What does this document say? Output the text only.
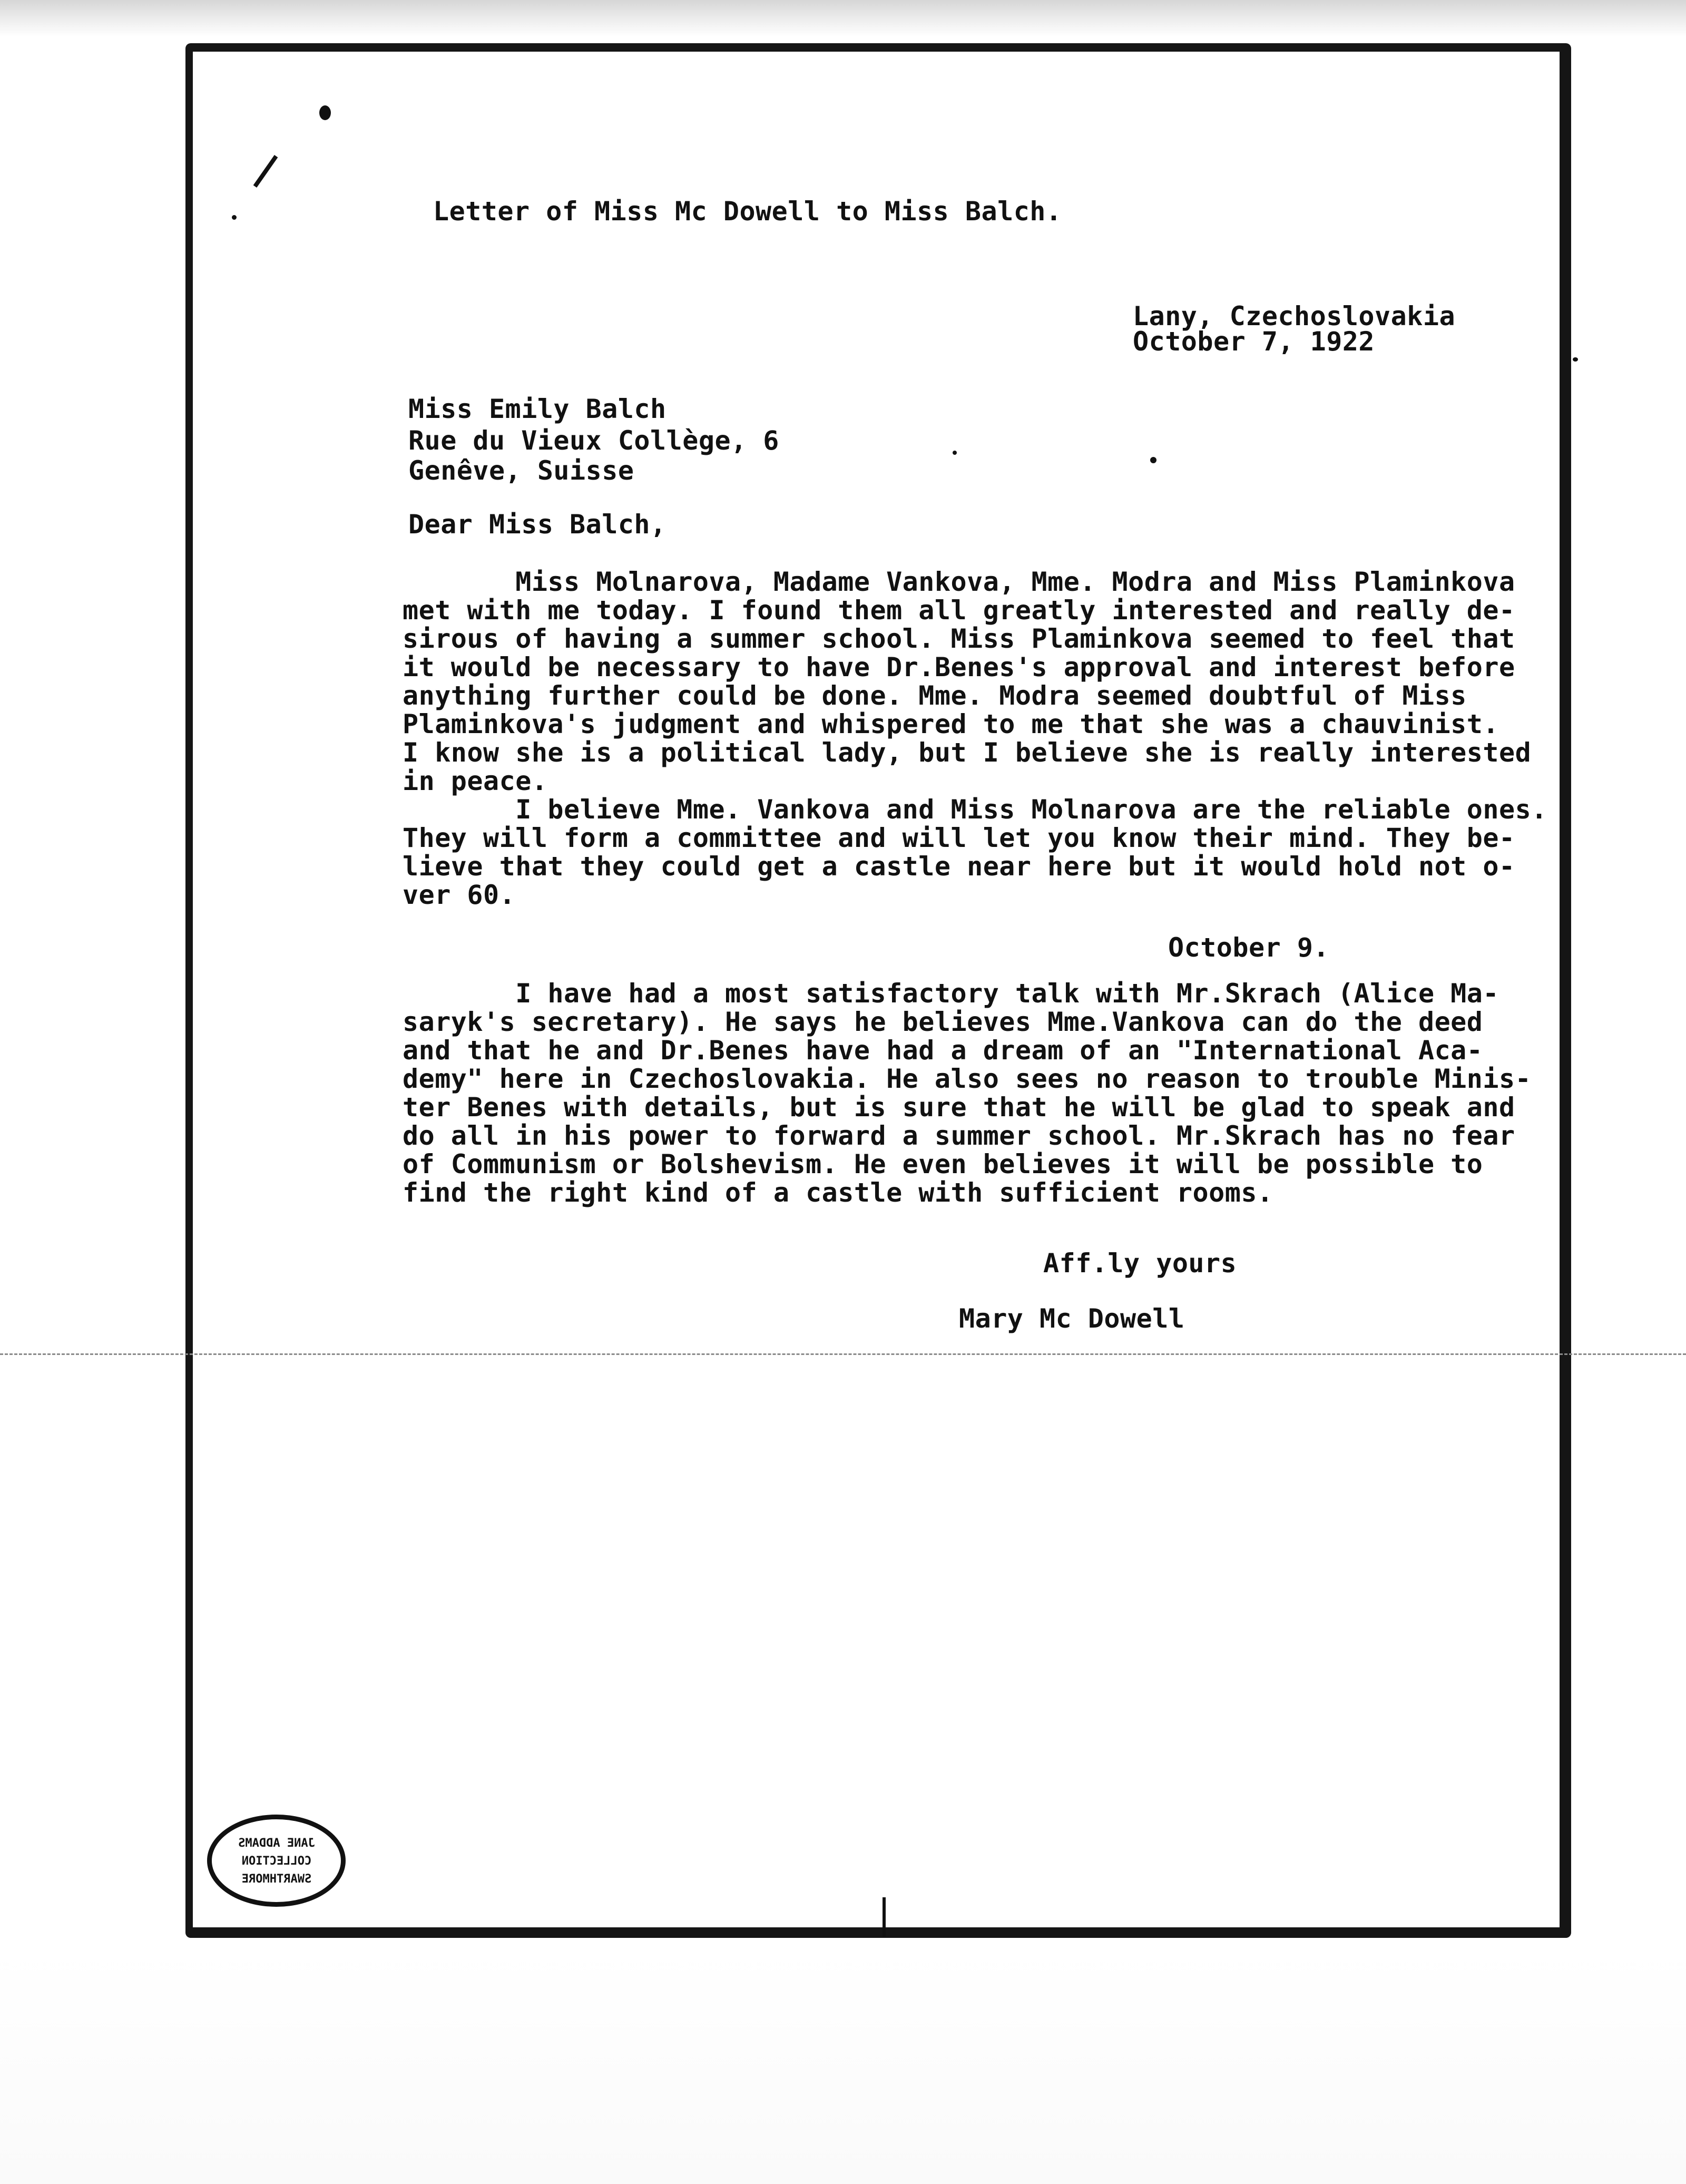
Letter of Miss Mc Dowell to Miss Balch.
Lany, Czechoslovakia
October 7, 1922
Miss Emily Balch
Rue du Vieux Collège, 6
Genêve, Suisse
Dear Miss Balch,
Miss Molnarova, Madame Vankova, Mme. Modra and Miss Plaminkova
met with me today. I found them all greatly interested and really de-
sirous of having a summer school. Miss Plaminkova seemed to feel that
it would be necessary to have Dr.Benes's approval and interest before
anything further could be done. Mme. Modra seemed doubtful of Miss
Plaminkova's judgment and whispered to me that she was a chauvinist.
I know she is a political lady, but I believe she is really interested
in peace.
I believe Mme. Vankova and Miss Molnarova are the reliable ones.
They will form a committee and will let you know their mind. They be-
lieve that they could get a castle near here but it would hold not o-
ver 60.
October 9.
I have had a most satisfactory talk with Mr.Skrach (Alice Ma-
saryk's secretary). He says he believes Mme.Vankova can do the deed
and that he and Dr.Benes have had a dream of an "International Aca-
demy" here in Czechoslovakia. He also sees no reason to trouble Minis-
ter Benes with details, but is sure that he will be glad to speak and
do all in his power to forward a summer school. Mr.Skrach has no fear
of Communism or Bolshevism. He even believes it will be possible to
find the right kind of a castle with sufficient rooms.
Aff.ly yours
Mary Mc Dowell
JANE ADDAMS
COLLECTION
SWARTHMORE
